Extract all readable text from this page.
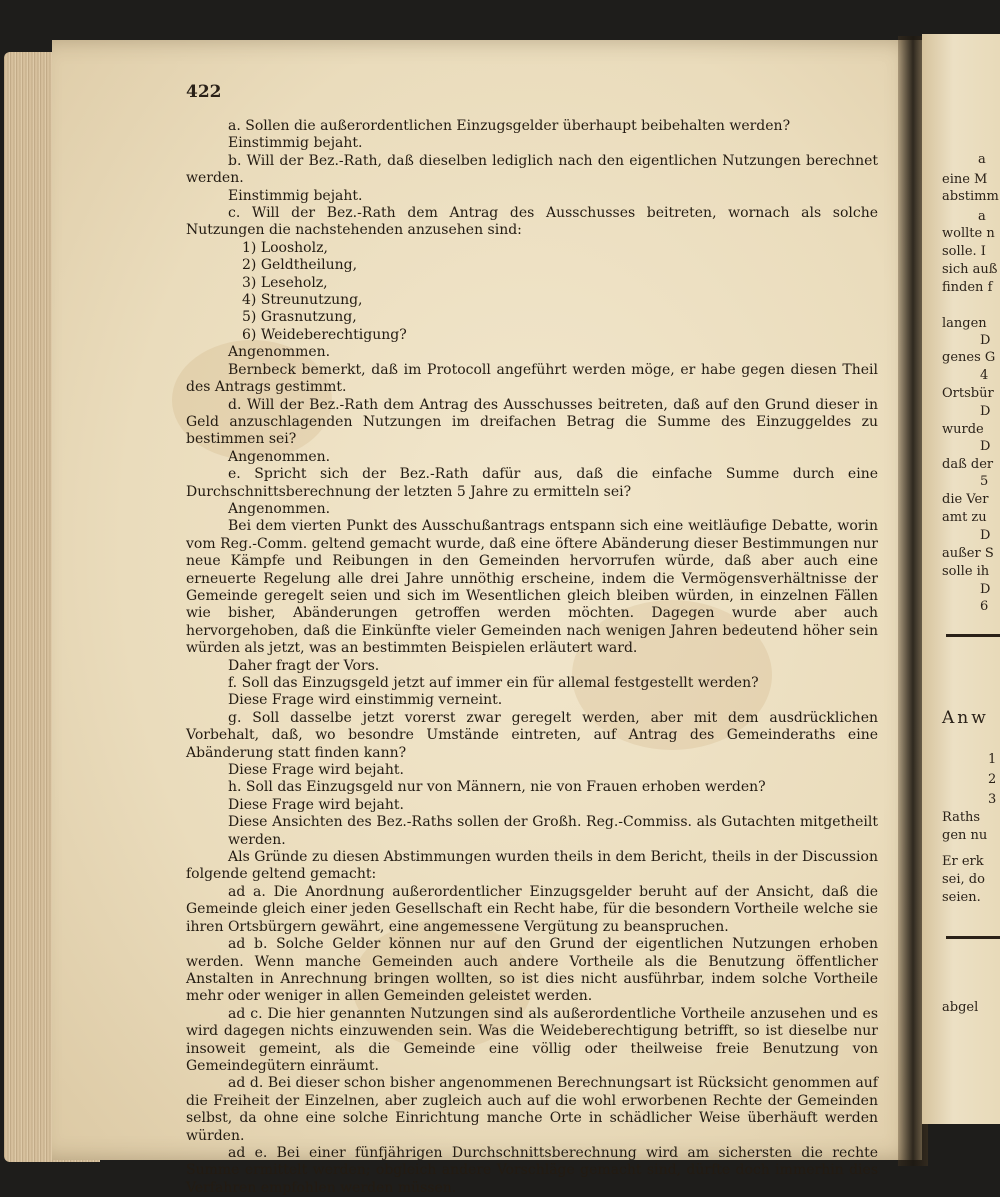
a
eine M
abstimm
a
wollte n
solle. I
sich auß
finden f
langen
D
genes G
4
Ortsbür
D
wurde
D
daß der
5
die Ver
amt zu
D
außer S
solle ih
D
6
Anw
1
2
3
Raths
gen nu
Er erk
sei, do
seien.
abgel
422

a. Sollen die außerordentlichen Einzugsgelder überhaupt beibehalten werden?

Einstimmig bejaht.

b. Will der Bez.-Rath, daß dieselben lediglich nach den eigentlichen Nutzungen berechnet werden.

Einstimmig bejaht.

c. Will der Bez.-Rath dem Antrag des Ausschusses beitreten, wornach als solche Nutzungen die nachstehenden anzusehen sind:

1) Loosholz,

2) Geldtheilung,

3) Leseholz,

4) Streunutzung,

5) Grasnutzung,

6) Weideberechtigung?

Angenommen.

Bernbeck bemerkt, daß im Protocoll angeführt werden möge, er habe gegen diesen Theil des Antrags gestimmt.

d. Will der Bez.-Rath dem Antrag des Ausschusses beitreten, daß auf den Grund dieser in Geld anzuschlagenden Nutzungen im dreifachen Betrag die Summe des Einzuggeldes zu bestimmen sei?

Angenommen.

e. Spricht sich der Bez.-Rath dafür aus, daß die einfache Summe durch eine Durchschnittsberechnung der letzten 5 Jahre zu ermitteln sei?

Angenommen.

Bei dem vierten Punkt des Ausschußantrags entspann sich eine weitläufige Debatte, worin vom Reg.-Comm. geltend gemacht wurde, daß eine öftere Abänderung dieser Bestimmungen nur neue Kämpfe und Reibungen in den Gemeinden hervorrufen würde, daß aber auch eine erneuerte Regelung alle drei Jahre unnöthig erscheine, indem die Vermögensverhältnisse der Gemeinde geregelt seien und sich im Wesentlichen gleich bleiben würden, in einzelnen Fällen wie bisher, Abänderungen getroffen werden möchten. Dagegen wurde aber auch hervorgehoben, daß die Einkünfte vieler Gemeinden nach wenigen Jahren bedeutend höher sein würden als jetzt, was an bestimmten Beispielen erläutert ward.

Daher fragt der Vors.

f. Soll das Einzugsgeld jetzt auf immer ein für allemal festgestellt werden?

Diese Frage wird einstimmig verneint.

g. Soll dasselbe jetzt vorerst zwar geregelt werden, aber mit dem ausdrücklichen Vorbehalt, daß, wo besondre Umstände eintreten, auf Antrag des Gemeinderaths eine Abänderung statt finden kann?

Diese Frage wird bejaht.

h. Soll das Einzugsgeld nur von Männern, nie von Frauen erhoben werden?

Diese Frage wird bejaht.

Diese Ansichten des Bez.-Raths sollen der Großh. Reg.-Commiss. als Gutachten mitgetheilt werden.

Als Gründe zu diesen Abstimmungen wurden theils in dem Bericht, theils in der Discussion folgende geltend gemacht:

ad a. Die Anordnung außerordentlicher Einzugsgelder beruht auf der Ansicht, daß die Gemeinde gleich einer jeden Gesellschaft ein Recht habe, für die besondern Vortheile welche sie ihren Ortsbürgern gewährt, eine angemessene Vergütung zu beanspruchen.

ad b. Solche Gelder können nur auf den Grund der eigentlichen Nutzungen erhoben werden. Wenn manche Gemeinden auch andere Vortheile als die Benutzung öffentlicher Anstalten in Anrechnung bringen wollten, so ist dies nicht ausführbar, indem solche Vortheile mehr oder weniger in allen Gemeinden geleistet werden.

ad c. Die hier genannten Nutzungen sind als außerordentliche Vortheile anzusehen und es wird dagegen nichts einzuwenden sein. Was die Weideberechtigung betrifft, so ist dieselbe nur insoweit gemeint, als die Gemeinde eine völlig oder theilweise freie Benutzung von Gemeindegütern einräumt.

ad d. Bei dieser schon bisher angenommenen Berechnungsart ist Rücksicht genommen auf die Freiheit der Einzelnen, aber zugleich auch auf die wohl erworbenen Rechte der Gemeinden selbst, da ohne eine solche Einrichtung manche Orte in schädlicher Weise überhäuft werden würden.

ad e. Bei einer fünfjährigen Durchschnittsberechnung wird am sichersten die rechte Summe ermittelt werden; obgleich andere Vorschläge gemacht sind, dürfte doch immerhin dies Verfahren empfohlen werden müssen.
